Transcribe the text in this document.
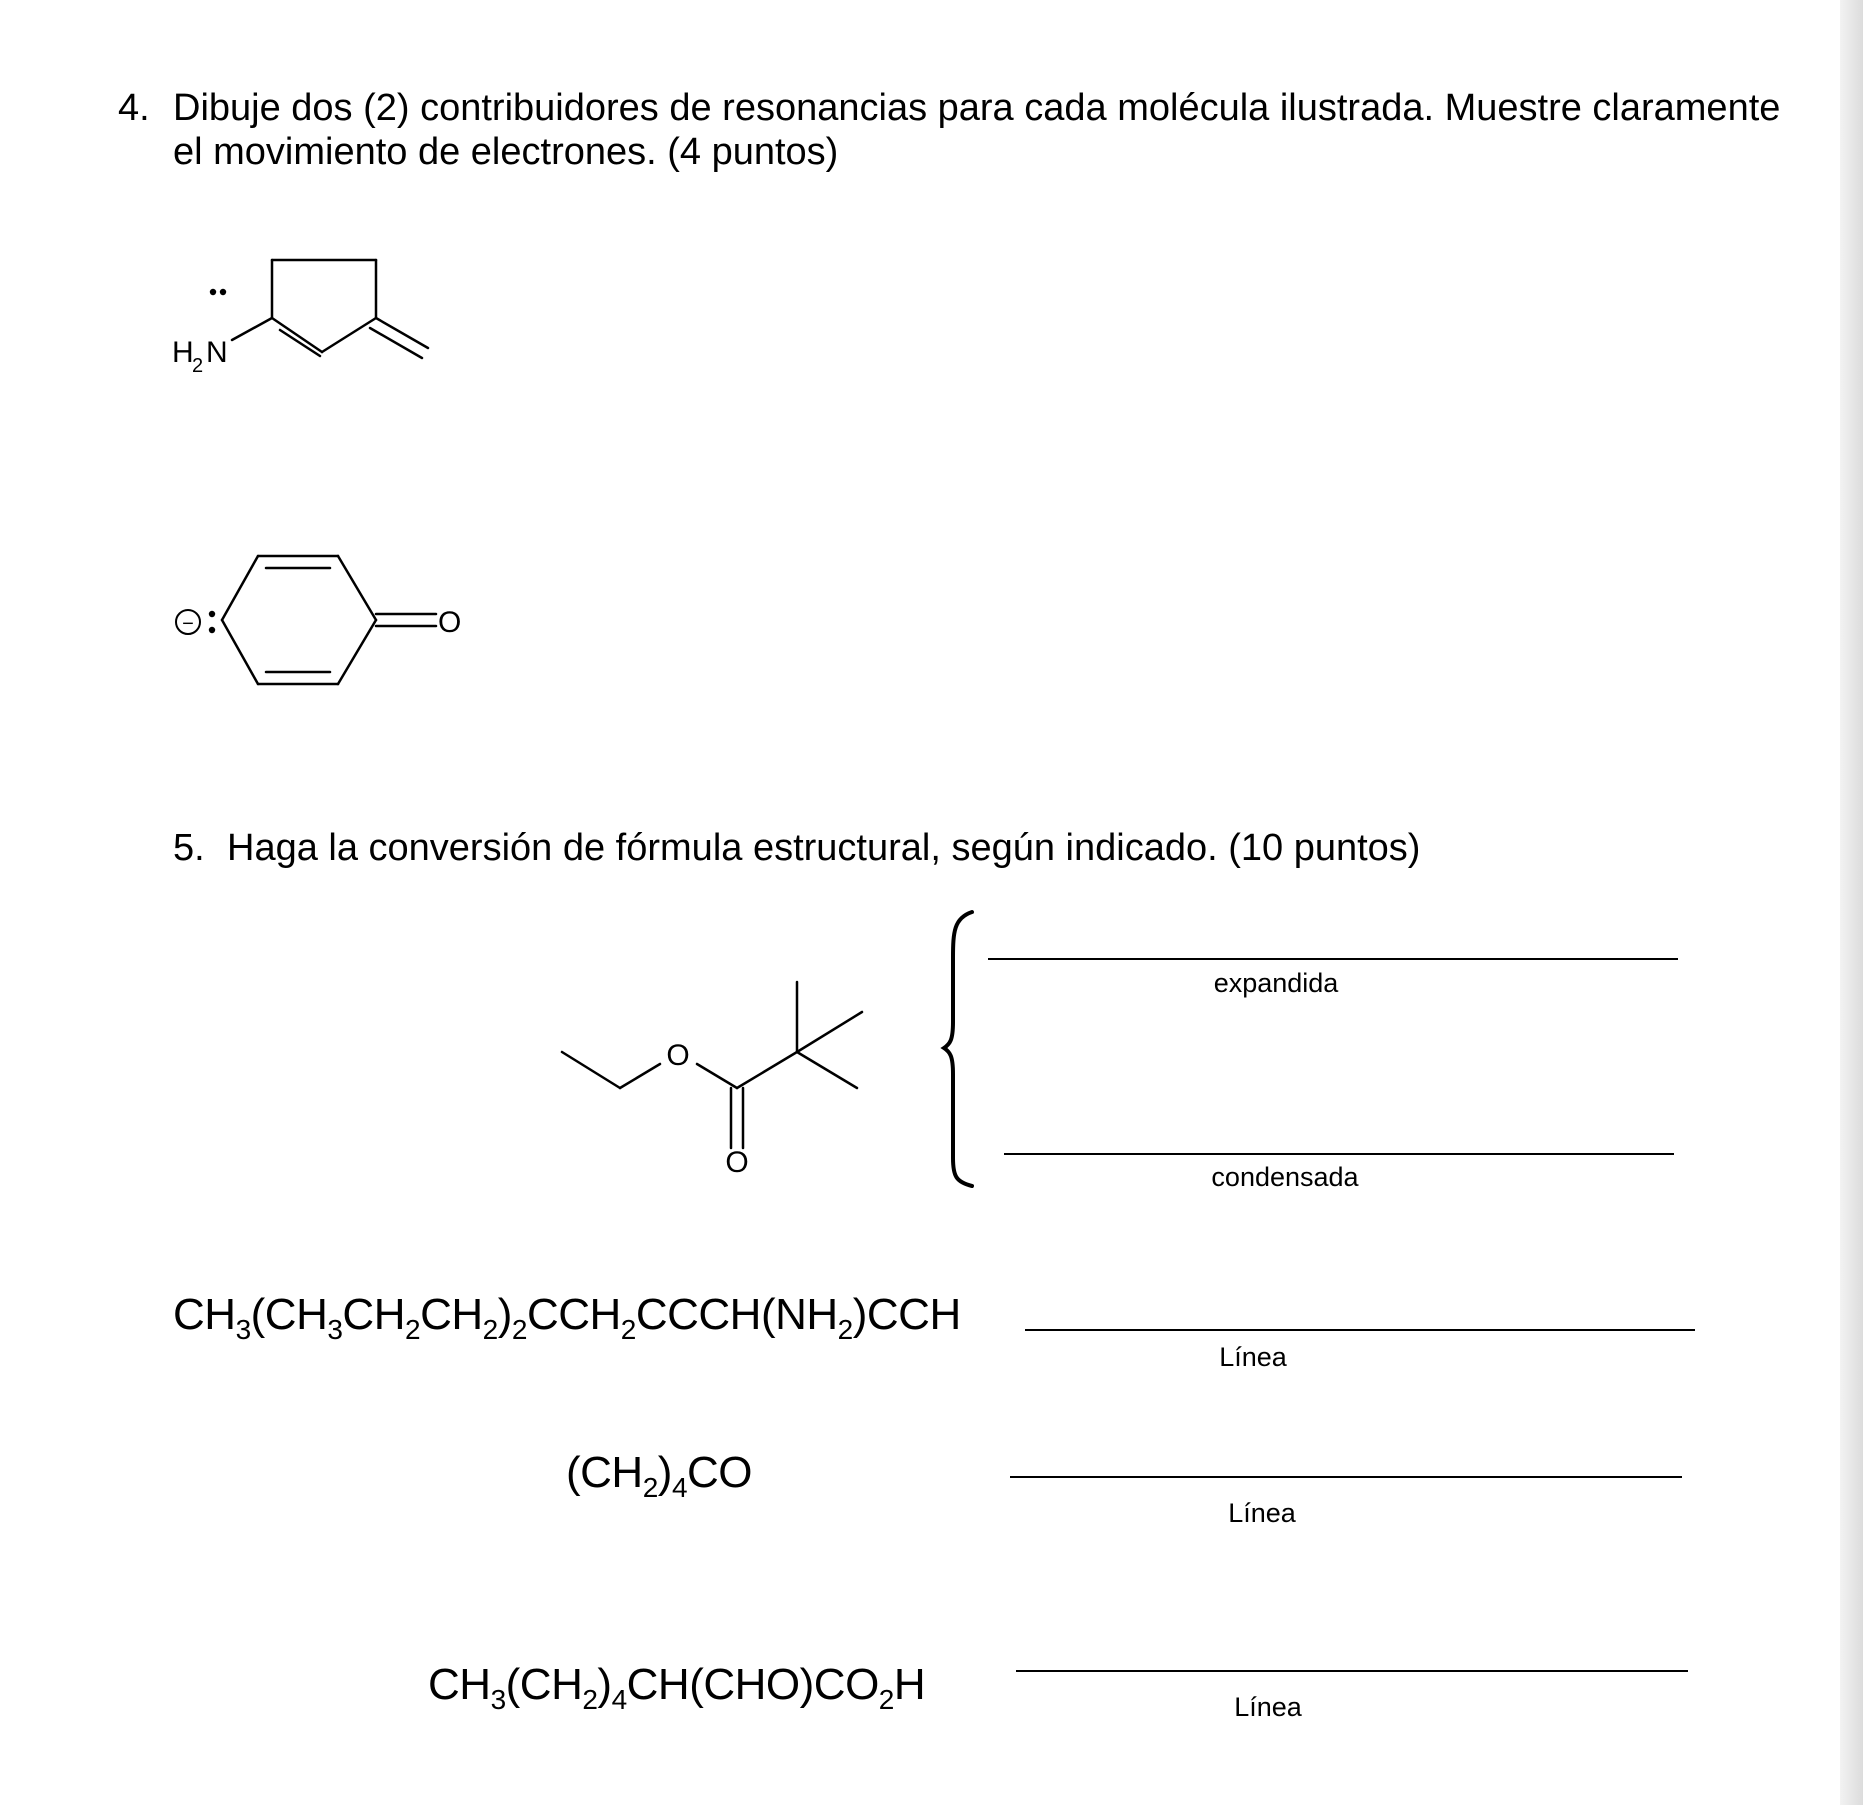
4. Dibuje dos (2) contribuidores de resonancias para cada molécula ilustrada. Muestre claramente
el movimiento de electrones. (4 puntos)
H
2 N
−	O
5. Haga la conversión de fórmula estructural, según indicado. (10 puntos)
O
O
expandida
condensada
Línea
Línea
Línea
$CH_3(CH_3CH_2CH_2)_2CCH_2CCCH(NH_2)CCH$
$(CH_2)_4CO$
$CH_3(CH_2)_4CH(CHO)CO_2H$
